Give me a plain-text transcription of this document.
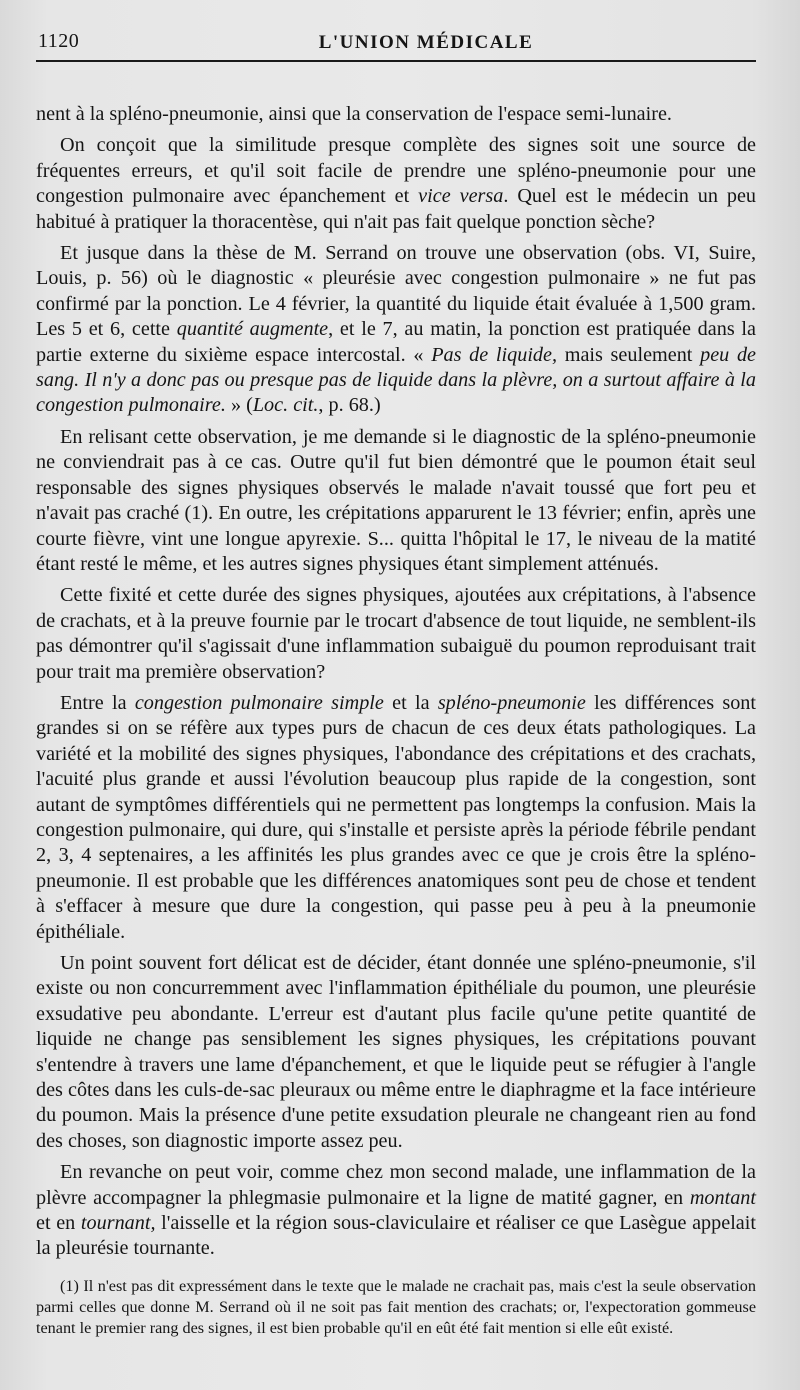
1120	L'UNION MÉDICALE

nent à la spléno-pneumonie, ainsi que la conservation de l'espace semi-lunaire.

On conçoit que la similitude presque complète des signes soit une source de fréquentes erreurs, et qu'il soit facile de prendre une spléno-pneumonie pour une congestion pulmonaire avec épanchement et vice versa. Quel est le médecin un peu habitué à pratiquer la thoracentèse, qui n'ait pas fait quelque ponction sèche?

Et jusque dans la thèse de M. Serrand on trouve une observation (obs. VI, Suire, Louis, p. 56) où le diagnostic « pleurésie avec congestion pulmonaire » ne fut pas confirmé par la ponction. Le 4 février, la quantité du liquide était évaluée à 1,500 gram. Les 5 et 6, cette quantité augmente, et le 7, au matin, la ponction est pratiquée dans la partie externe du sixième espace intercostal. « Pas de liquide, mais seulement peu de sang. Il n'y a donc pas ou presque pas de liquide dans la plèvre, on a surtout affaire à la congestion pulmonaire. » (Loc. cit., p. 68.)

En relisant cette observation, je me demande si le diagnostic de la spléno-pneumonie ne conviendrait pas à ce cas. Outre qu'il fut bien démontré que le poumon était seul responsable des signes physiques observés le malade n'avait toussé que fort peu et n'avait pas craché (1). En outre, les crépitations apparurent le 13 février; enfin, après une courte fièvre, vint une longue apyrexie. S... quitta l'hôpital le 17, le niveau de la matité étant resté le même, et les autres signes physiques étant simplement atténués.

Cette fixité et cette durée des signes physiques, ajoutées aux crépitations, à l'absence de crachats, et à la preuve fournie par le trocart d'absence de tout liquide, ne semblent-ils pas démontrer qu'il s'agissait d'une inflammation subaiguë du poumon reproduisant trait pour trait ma première observation?

Entre la congestion pulmonaire simple et la spléno-pneumonie les différences sont grandes si on se réfère aux types purs de chacun de ces deux états pathologiques. La variété et la mobilité des signes physiques, l'abondance des crépitations et des crachats, l'acuité plus grande et aussi l'évolution beaucoup plus rapide de la congestion, sont autant de symptômes différentiels qui ne permettent pas longtemps la confusion. Mais la congestion pulmonaire, qui dure, qui s'installe et persiste après la période fébrile pendant 2, 3, 4 septenaires, a les affinités les plus grandes avec ce que je crois être la spléno-pneumonie. Il est probable que les différences anatomiques sont peu de chose et tendent à s'effacer à mesure que dure la congestion, qui passe peu à peu à la pneumonie épithéliale.

Un point souvent fort délicat est de décider, étant donnée une spléno-pneumonie, s'il existe ou non concurremment avec l'inflammation épithéliale du poumon, une pleurésie exsudative peu abondante. L'erreur est d'autant plus facile qu'une petite quantité de liquide ne change pas sensiblement les signes physiques, les crépitations pouvant s'entendre à travers une lame d'épanchement, et que le liquide peut se réfugier à l'angle des côtes dans les culs-de-sac pleuraux ou même entre le diaphragme et la face intérieure du poumon. Mais la présence d'une petite exsudation pleurale ne changeant rien au fond des choses, son diagnostic importe assez peu.

En revanche on peut voir, comme chez mon second malade, une inflammation de la plèvre accompagner la phlegmasie pulmonaire et la ligne de matité gagner, en montant et en tournant, l'aisselle et la région sous-claviculaire et réaliser ce que Lasègue appelait la pleurésie tournante.

(1) Il n'est pas dit expressément dans le texte que le malade ne crachait pas, mais c'est la seule observation parmi celles que donne M. Serrand où il ne soit pas fait mention des crachats; or, l'expectoration gommeuse tenant le premier rang des signes, il est bien probable qu'il en eût été fait mention si elle eût existé.
